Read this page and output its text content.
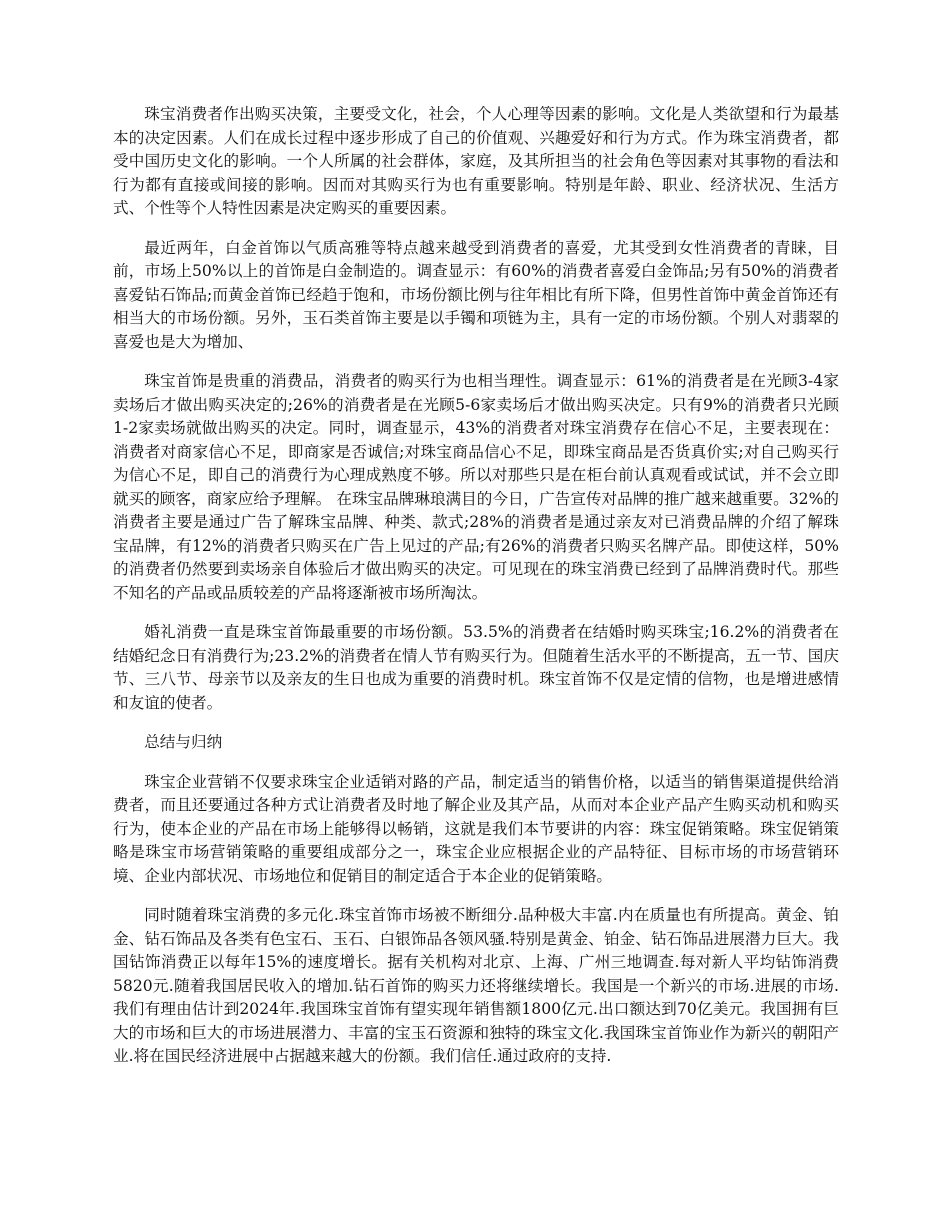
珠宝消费者作出购买决策，主要受文化，社会，个人心理等因素的影响。文化是人类欲望和行为最基本的决定因素。人们在成长过程中逐步形成了自己的价值观、兴趣爱好和行为方式。作为珠宝消费者，都受中国历史文化的影响。一个人所属的社会群体，家庭，及其所担当的社会角色等因素对其事物的看法和行为都有直接或间接的影响。因而对其购买行为也有重要影响。特别是年龄、职业、经济状况、生活方式、个性等个人特性因素是决定购买的重要因素。

最近两年，白金首饰以气质高雅等特点越来越受到消费者的喜爱，尤其受到女性消费者的青睐，目前，市场上50%以上的首饰是白金制造的。调查显示：有60%的消费者喜爱白金饰品;另有50%的消费者喜爱钻石饰品;而黄金首饰已经趋于饱和，市场份额比例与往年相比有所下降，但男性首饰中黄金首饰还有相当大的市场份额。另外，玉石类首饰主要是以手镯和项链为主，具有一定的市场份额。个别人对翡翠的喜爱也是大为增加、

珠宝首饰是贵重的消费品，消费者的购买行为也相当理性。调查显示：61%的消费者是在光顾3-4家卖场后才做出购买决定的;26%的消费者是在光顾5-6家卖场后才做出购买决定。只有9%的消费者只光顾1-2家卖场就做出购买的决定。同时，调查显示，43%的消费者对珠宝消费存在信心不足，主要表现在：消费者对商家信心不足，即商家是否诚信;对珠宝商品信心不足，即珠宝商品是否货真价实;对自己购买行为信心不足，即自己的消费行为心理成熟度不够。所以对那些只是在柜台前认真观看或试试，并不会立即就买的顾客，商家应给予理解。 在珠宝品牌琳琅满目的今日，广告宣传对品牌的推广越来越重要。32%的消费者主要是通过广告了解珠宝品牌、种类、款式;28%的消费者是通过亲友对已消费品牌的介绍了解珠宝品牌，有12%的消费者只购买在广告上见过的产品;有26%的消费者只购买名牌产品。即使这样，50%的消费者仍然要到卖场亲自体验后才做出购买的决定。可见现在的珠宝消费已经到了品牌消费时代。那些不知名的产品或品质较差的产品将逐渐被市场所淘汰。

婚礼消费一直是珠宝首饰最重要的市场份额。53.5%的消费者在结婚时购买珠宝;16.2%的消费者在结婚纪念日有消费行为;23.2%的消费者在情人节有购买行为。但随着生活水平的不断提高，五一节、国庆节、三八节、母亲节以及亲友的生日也成为重要的消费时机。珠宝首饰不仅是定情的信物，也是增进感情和友谊的使者。

总结与归纳

珠宝企业营销不仅要求珠宝企业适销对路的产品，制定适当的销售价格，以适当的销售渠道提供给消费者，而且还要通过各种方式让消费者及时地了解企业及其产品，从而对本企业产品产生购买动机和购买行为，使本企业的产品在市场上能够得以畅销，这就是我们本节要讲的内容：珠宝促销策略。珠宝促销策略是珠宝市场营销策略的重要组成部分之一，珠宝企业应根据企业的产品特征、目标市场的市场营销环境、企业内部状况、市场地位和促销目的制定适合于本企业的促销策略。

同时随着珠宝消费的多元化.珠宝首饰市场被不断细分.品种极大丰富.内在质量也有所提高。黄金、铂金、钻石饰品及各类有色宝石、玉石、白银饰品各领风骚.特别是黄金、铂金、钻石饰品进展潜力巨大。我国钻饰消费正以每年15%的速度增长。据有关机构对北京、上海、广州三地调查.每对新人平均钻饰消费5820元.随着我国居民收入的增加.钻石首饰的购买力还将继续增长。我国是一个新兴的市场.进展的市场.我们有理由估计到2024年.我国珠宝首饰有望实现年销售额1800亿元.出口额达到70亿美元。我国拥有巨大的市场和巨大的市场进展潜力、丰富的宝玉石资源和独特的珠宝文化.我国珠宝首饰业作为新兴的朝阳产业.将在国民经济进展中占据越来越大的份额。我们信任.通过政府的支持.
